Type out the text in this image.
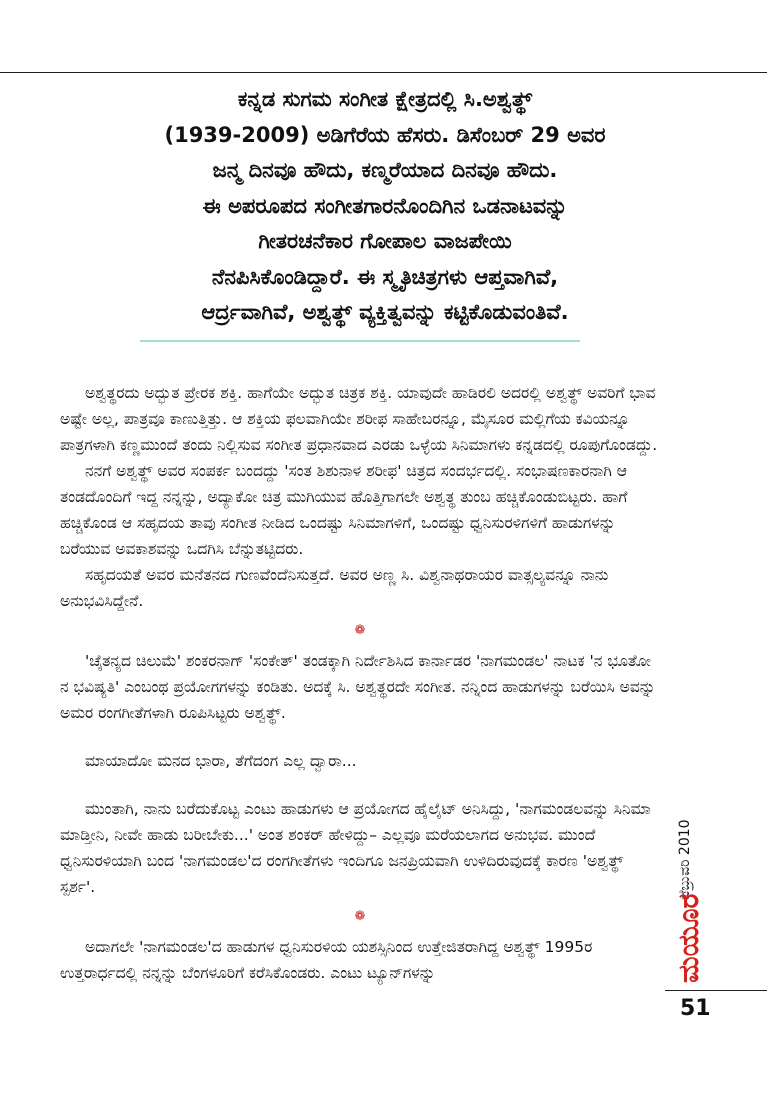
ಕನ್ನಡ ಸುಗಮ ಸಂಗೀತ ಕ್ಷೇತ್ರದಲ್ಲಿ ಸಿ.ಅಶ್ವತ್ಥ್
(1939-2009) ಅಡಿಗೆರೆಯ ಹೆಸರು. ಡಿಸೆಂಬರ್ 29 ಅವರ
ಜನ್ಮ ದಿನವೂ ಹೌದು, ಕಣ್ಮರೆಯಾದ ದಿನವೂ ಹೌದು.
ಈ ಅಪರೂಪದ ಸಂಗೀತಗಾರನೊಂದಿಗಿನ ಒಡನಾಟವನ್ನು
ಗೀತರಚನೆಕಾರ ಗೋಪಾಲ ವಾಜಪೇಯಿ
ನೆನಪಿಸಿಕೊಂಡಿದ್ದಾರೆ. ಈ ಸ್ಮೃತಿಚಿತ್ರಗಳು ಆಪ್ತವಾಗಿವೆ,
ಆರ್ದ್ರವಾಗಿವೆ, ಅಶ್ವತ್ಥ್ ವ್ಯಕ್ತಿತ್ವವನ್ನು ಕಟ್ಟಿಕೊಡುವಂತಿವೆ.

ಅಶ್ವತ್ಥರದು ಅದ್ಭುತ ಪ್ರೇರಕ ಶಕ್ತಿ. ಹಾಗೆಯೇ ಅದ್ಭುತ ಚಿತ್ರಕ ಶಕ್ತಿ. ಯಾವುದೇ ಹಾಡಿರಲಿ ಅದರಲ್ಲಿ ಅಶ್ವತ್ಥ್ ಅವರಿಗೆ ಭಾವ ಅಷ್ಟೇ ಅಲ್ಲ, ಪಾತ್ರವೂ ಕಾಣುತ್ತಿತ್ತು. ಆ ಶಕ್ತಿಯ ಫಲವಾಗಿಯೇ ಶರೀಫ ಸಾಹೇಬರನ್ನೂ, ಮೈಸೂರ ಮಲ್ಲಿಗೆಯ ಕವಿಯನ್ನೂ ಪಾತ್ರಗಳಾಗಿ ಕಣ್ಣಮುಂದೆ ತಂದು ನಿಲ್ಲಿಸುವ ಸಂಗೀತ ಪ್ರಧಾನವಾದ ಎರಡು ಒಳ್ಳೆಯ ಸಿನಿಮಾಗಳು ಕನ್ನಡದಲ್ಲಿ ರೂಪುಗೊಂಡದ್ದು.

ನನಗೆ ಅಶ್ವತ್ಥ್ ಅವರ ಸಂಪರ್ಕ ಬಂದದ್ದು 'ಸಂತ ಶಿಶುನಾಳ ಶರೀಫ' ಚಿತ್ರದ ಸಂದರ್ಭದಲ್ಲಿ. ಸಂಭಾಷಣಕಾರನಾಗಿ ಆ ತಂಡದೊಂದಿಗೆ ಇದ್ದ ನನ್ನನ್ನು, ಅದ್ಯಾಕೋ ಚಿತ್ರ ಮುಗಿಯುವ ಹೊತ್ತಿಗಾಗಲೇ ಅಶ್ವತ್ಥ ತುಂಬ ಹಚ್ಚಿಕೊಂಡುಬಿಟ್ಟರು. ಹಾಗೆ ಹಚ್ಚಿಕೊಂಡ ಆ ಸಹೃದಯ ತಾವು ಸಂಗೀತ ನೀಡಿದ ಒಂದಷ್ಟು ಸಿನಿಮಾಗಳಿಗೆ, ಒಂದಷ್ಟು ಧ್ವನಿಸುರಳಿಗಳಿಗೆ ಹಾಡುಗಳನ್ನು ಬರೆಯುವ ಅವಕಾಶವನ್ನು ಒದಗಿಸಿ ಬೆನ್ನುತಟ್ಟಿದರು.

ಸಹೃದಯತೆ ಅವರ ಮನೆತನದ ಗುಣವೆಂದೆನಿಸುತ್ತದೆ. ಅವರ ಅಣ್ಣ ಸಿ. ವಿಶ್ವನಾಥರಾಯರ ವಾತ್ಸಲ್ಯವನ್ನೂ ನಾನು ಅನುಭವಿಸಿದ್ದೇನೆ.

❁

'ಚೈತನ್ಯದ ಚಿಲುಮೆ' ಶಂಕರನಾಗ್ 'ಸಂಕೇತ್' ತಂಡಕ್ಕಾಗಿ ನಿರ್ದೇಶಿಸಿದ ಕಾರ್ನಾಡರ 'ನಾಗಮಂಡಲ' ನಾಟಕ 'ನ ಭೂತೋ ನ ಭವಿಷ್ಯತಿ' ಎಂಬಂಥ ಪ್ರಯೋಗಗಳನ್ನು ಕಂಡಿತು. ಅದಕ್ಕೆ ಸಿ. ಅಶ್ವತ್ಥರದೇ ಸಂಗೀತ. ನನ್ನಿಂದ ಹಾಡುಗಳನ್ನು ಬರೆಯಿಸಿ ಅವನ್ನು ಅಮರ ರಂಗಗೀತೆಗಳಾಗಿ ರೂಪಿಸಿಟ್ಟರು ಅಶ್ವತ್ಥ್.

ಮಾಯಾದೋ ಮನದ ಭಾರಾ, ತೆಗೆದಂಗ ಎಲ್ಲ ದ್ವಾರಾ...

ಮುಂತಾಗಿ, ನಾನು ಬರೆದುಕೊಟ್ಟ ಎಂಟು ಹಾಡುಗಳು ಆ ಪ್ರಯೋಗದ ಹೈಲೈಟ್ ಅನಿಸಿದ್ದು, 'ನಾಗಮಂಡಲವನ್ನು ಸಿನಿಮಾ ಮಾಡ್ತೀನಿ, ನೀವೇ ಹಾಡು ಬರೀಬೇಕು...' ಅಂತ ಶಂಕರ್ ಹೇಳಿದ್ದು– ಎಲ್ಲವೂ ಮರೆಯಲಾಗದ ಅನುಭವ. ಮುಂದೆ ಧ್ವನಿಸುರಳಿಯಾಗಿ ಬಂದ 'ನಾಗಮಂಡಲ'ದ ರಂಗಗೀತೆಗಳು ಇಂದಿಗೂ ಜನಪ್ರಿಯವಾಗಿ ಉಳಿದಿರುವುದಕ್ಕೆ ಕಾರಣ 'ಅಶ್ವತ್ಥ್ ಸ್ಪರ್ಶ'.

❁

ಅದಾಗಲೇ 'ನಾಗಮಂಡಲ'ದ ಹಾಡುಗಳ ಧ್ವನಿಸುರಳಿಯ ಯಶಸ್ಸಿನಿಂದ ಉತ್ತೇಜಿತರಾಗಿದ್ದ ಅಶ್ವತ್ಥ್ 1995ರ ಉತ್ತರಾರ್ಧದಲ್ಲಿ ನನ್ನನ್ನು ಬೆಂಗಳೂರಿಗೆ ಕರೆಸಿಕೊಂಡರು. ಎಂಟು ಟ್ಯೂನ್‌ಗಳನ್ನು

ಫೆಬ್ರುವರಿ 2010
ಮಯೂರ
51
